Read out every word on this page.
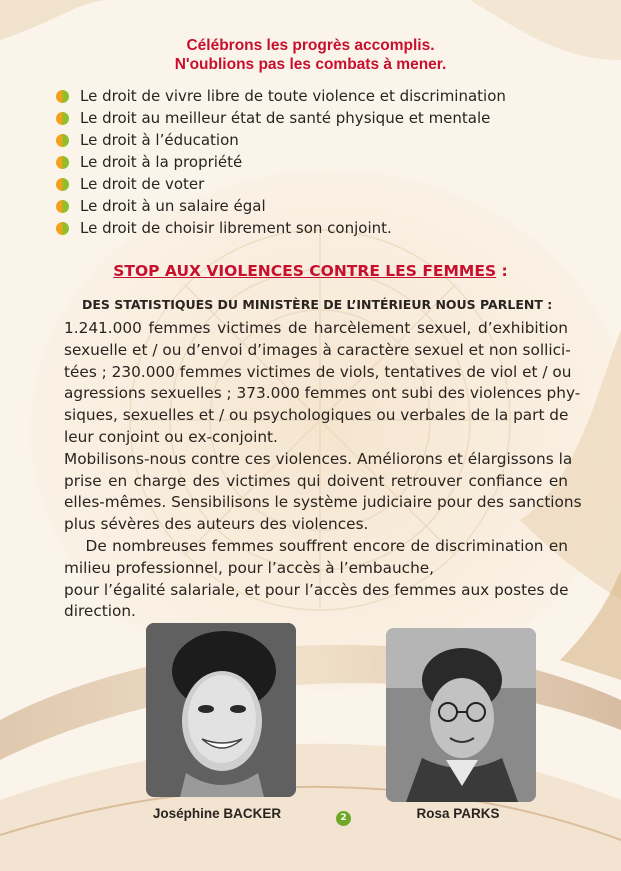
Célébrons les progrès accomplis.
N'oublions pas les combats à mener.
Le droit de vivre libre de toute violence et discrimination
Le droit au meilleur état de santé physique et mentale
Le droit à l’éducation
Le droit à la propriété
Le droit de voter
Le droit à un salaire égal
Le droit de choisir librement son conjoint.
STOP AUX VIOLENCES CONTRE LES FEMMES :
DES STATISTIQUES DU MINISTÈRE DE L’INTÉRIEUR NOUS PARLENT :
1.241.000 femmes victimes de harcèlement sexuel, d’exhibition
sexuelle et / ou d’envoi d’images à caractère sexuel et non sollici-
tées ; 230.000 femmes victimes de viols, tentatives de viol et / ou
agressions sexuelles ; 373.000 femmes ont subi des violences phy-
siques, sexuelles et / ou psychologiques ou verbales de la part de
leur conjoint ou ex-conjoint.
Mobilisons-nous contre ces violences. Améliorons et élargissons la
prise en charge des victimes qui doivent retrouver confiance en
elles-mêmes. Sensibilisons le système judiciaire pour des sanctions
plus sévères des auteurs des violences.
De nombreuses femmes souffrent encore de discrimination en
milieu professionnel, pour l’accès à l’embauche,
pour l’égalité salariale, et pour l’accès des femmes aux postes de
direction.
Joséphine BACKER	Rosa PARKS
2
